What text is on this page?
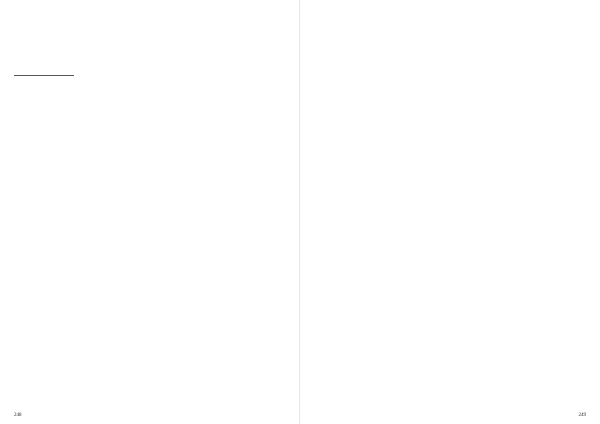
248	249
